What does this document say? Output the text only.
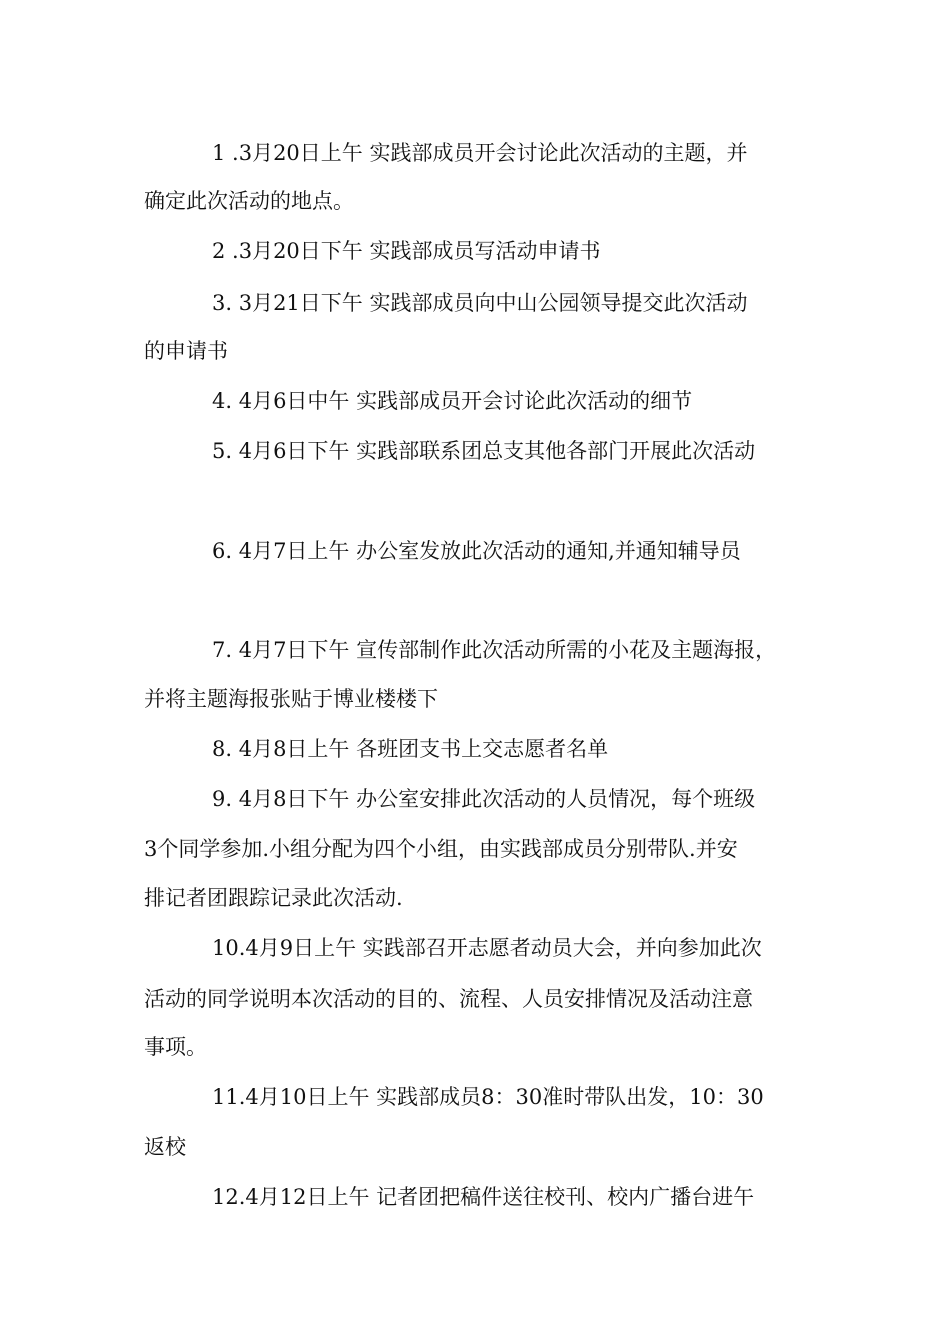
1 .3月20日上午 实践部成员开会讨论此次活动的主题，并
确定此次活动的地点。
2 .3月20日下午 实践部成员写活动申请书
3. 3月21日下午 实践部成员向中山公园领导提交此次活动
的申请书
4. 4月6日中午 实践部成员开会讨论此次活动的细节
5. 4月6日下午 实践部联系团总支其他各部门开展此次活动
6. 4月7日上午 办公室发放此次活动的通知,并通知辅导员
7. 4月7日下午 宣传部制作此次活动所需的小花及主题海报，
并将主题海报张贴于博业楼楼下
8. 4月8日上午 各班团支书上交志愿者名单
9. 4月8日下午 办公室安排此次活动的人员情况，每个班级
3个同学参加.小组分配为四个小组，由实践部成员分别带队.并安
排记者团跟踪记录此次活动.
10.4月9日上午 实践部召开志愿者动员大会，并向参加此次
活动的同学说明本次活动的目的、流程、人员安排情况及活动注意
事项。
11.4月10日上午 实践部成员8：30准时带队出发，10：30
返校
12.4月12日上午 记者团把稿件送往校刊、校内广播台进午
